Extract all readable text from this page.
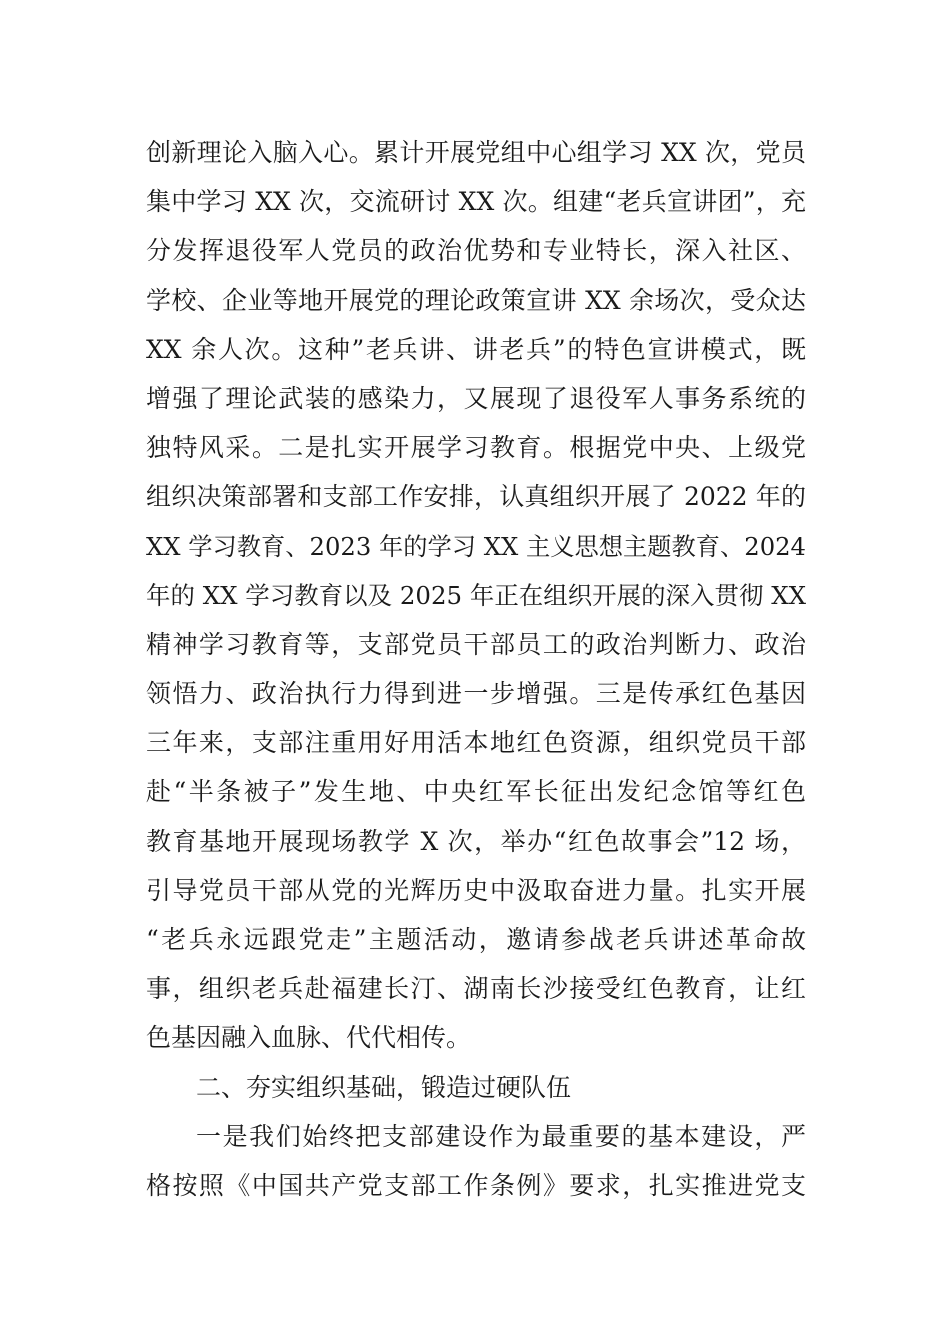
创新理论入脑入心。累计开展党组中心组学习 XX 次，党员
集中学习 XX 次，交流研讨 XX 次。组建“老兵宣讲团”，充
分发挥退役军人党员的政治优势和专业特长，深入社区、
学校、企业等地开展党的理论政策宣讲 XX 余场次，受众达
XX 余人次。这种”老兵讲、讲老兵”的特色宣讲模式，既
增强了理论武装的感染力，又展现了退役军人事务系统的
独特风采。二是扎实开展学习教育。根据党中央、上级党
组织决策部署和支部工作安排，认真组织开展了 2022 年的
XX 学习教育、2023 年的学习 XX 主义思想主题教育、2024
年的 XX 学习教育以及 2025 年正在组织开展的深入贯彻 XX
精神学习教育等，支部党员干部员工的政治判断力、政治
领悟力、政治执行力得到进一步增强。三是传承红色基因
三年来，支部注重用好用活本地红色资源，组织党员干部
赴“半条被子”发生地、中央红军长征出发纪念馆等红色
教育基地开展现场教学 X 次，举办“红色故事会”12 场，
引导党员干部从党的光辉历史中汲取奋进力量。扎实开展
“老兵永远跟党走”主题活动，邀请参战老兵讲述革命故
事，组织老兵赴福建长汀、湖南长沙接受红色教育，让红
色基因融入血脉、代代相传。
二、夯实组织基础，锻造过硬队伍
一是我们始终把支部建设作为最重要的基本建设，严
格按照《中国共产党支部工作条例》要求，扎实推进党支
